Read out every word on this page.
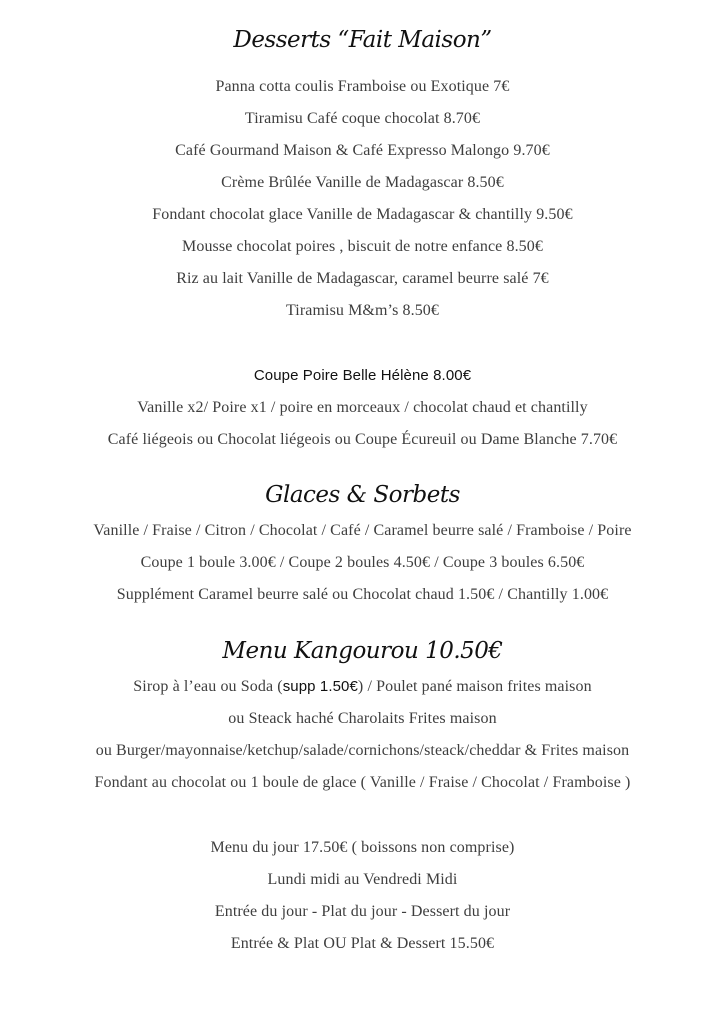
Desserts “Fait Maison”
Panna cotta coulis Framboise ou Exotique 7€
Tiramisu Café coque chocolat 8.70€
Café Gourmand Maison & Café Expresso Malongo 9.70€
Crème Brûlée Vanille de Madagascar 8.50€
Fondant chocolat glace Vanille de Madagascar & chantilly 9.50€
Mousse chocolat poires , biscuit de notre enfance 8.50€
Riz au lait Vanille de Madagascar, caramel beurre salé 7€
Tiramisu M&m’s 8.50€
Coupe Poire Belle Hélène 8.00€
Vanille x2/ Poire x1 / poire en morceaux / chocolat chaud et chantilly
Café liégeois ou Chocolat liégeois ou Coupe Écureuil ou Dame Blanche 7.70€
Glaces & Sorbets
Vanille / Fraise / Citron / Chocolat / Café / Caramel beurre salé / Framboise / Poire
Coupe 1 boule 3.00€ / Coupe 2 boules 4.50€ / Coupe 3 boules 6.50€
Supplément Caramel beurre salé ou Chocolat chaud 1.50€ / Chantilly 1.00€
Menu Kangourou 10.50€
Sirop à l’eau ou Soda (supp 1.50€) / Poulet pané maison frites maison
ou Steack haché Charolaits Frites maison
ou Burger/mayonnaise/ketchup/salade/cornichons/steack/cheddar & Frites maison
Fondant au chocolat ou 1 boule de glace ( Vanille / Fraise / Chocolat / Framboise )
Menu du jour 17.50€ ( boissons non comprise)
Lundi midi au Vendredi Midi
Entrée du jour - Plat du jour - Dessert du jour
Entrée & Plat OU Plat & Dessert 15.50€
